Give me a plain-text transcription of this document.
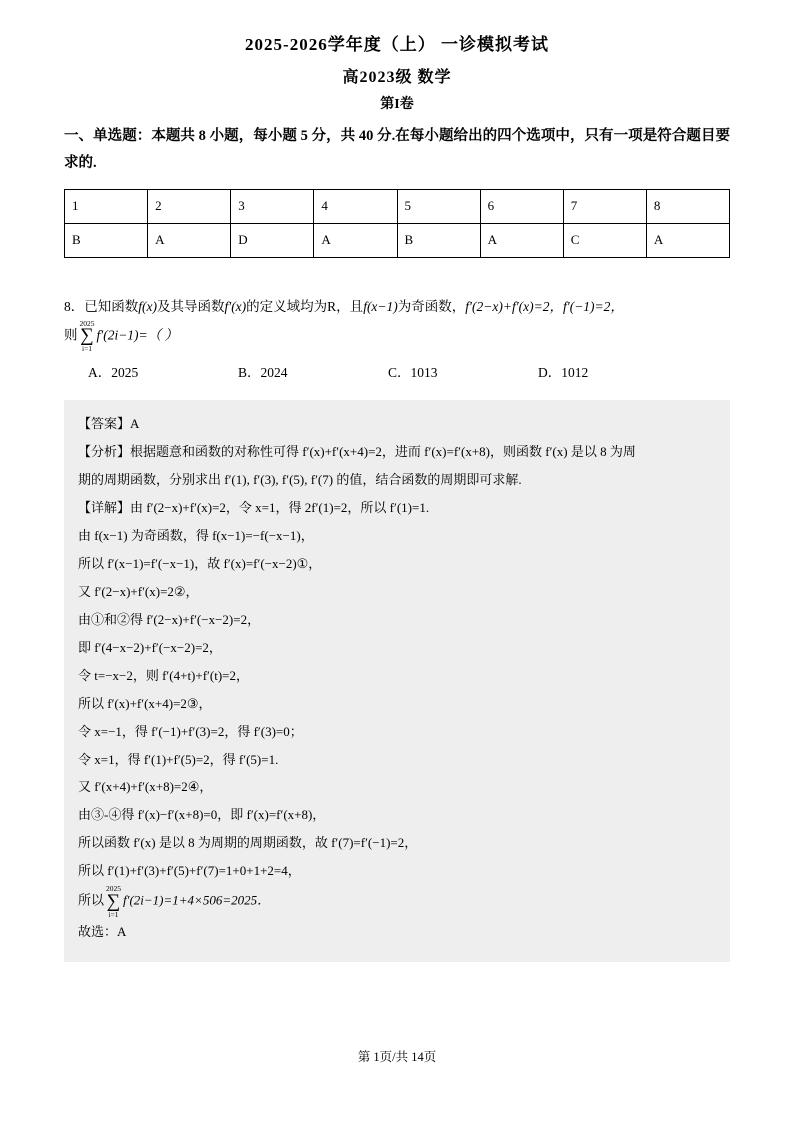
2025-2026学年度（上） 一诊模拟考试
高2023级 数学
第I卷
一、单选题：本题共 8 小题，每小题 5 分，共 40 分.在每小题给出的四个选项中，只有一项是符合题目要求的.
1	2	3	4	5	6	7	8
B	A	D	A	B	A	C	A
8．已知函数f(x)及其导函数f′(x)的定义域均为R，且f(x−1)为奇函数，f′(2−x)+f′(x)=2，f′(−1)=2，
则
2025
∑
i=1
f′(2i−1)=（ ）
A．2025	B．2024	C．1013	D．1012

【答案】A

【分析】根据题意和函数的对称性可得 f′(x)+f′(x+4)=2，进而 f′(x)=f′(x+8)，则函数 f′(x) 是以 8 为周

期的周期函数，分别求出 f′(1), f′(3), f′(5), f′(7) 的值，结合函数的周期即可求解.

【详解】由 f′(2−x)+f′(x)=2，令 x=1，得 2f′(1)=2，所以 f′(1)=1.

由 f(x−1) 为奇函数，得 f(x−1)=−f(−x−1)，

所以 f′(x−1)=f′(−x−1)，故 f′(x)=f′(−x−2)①，

又 f′(2−x)+f′(x)=2②，

由①和②得 f′(2−x)+f′(−x−2)=2，

即 f′(4−x−2)+f′(−x−2)=2，

令 t=−x−2，则 f′(4+t)+f′(t)=2，

所以 f′(x)+f′(x+4)=2③，

令 x=−1，得 f′(−1)+f′(3)=2，得 f′(3)=0；

令 x=1，得 f′(1)+f′(5)=2，得 f′(5)=1.

又 f′(x+4)+f′(x+8)=2④，

由③-④得 f′(x)−f′(x+8)=0，即 f′(x)=f′(x+8)，

所以函数 f′(x) 是以 8 为周期的周期函数，故 f′(7)=f′(−1)=2，

所以 f′(1)+f′(3)+f′(5)+f′(7)=1+0+1+2=4，

所以
2025
∑
i=1
f′(2i−1)=1+4×506=2025．

故选：A

第 1页/共 14页
